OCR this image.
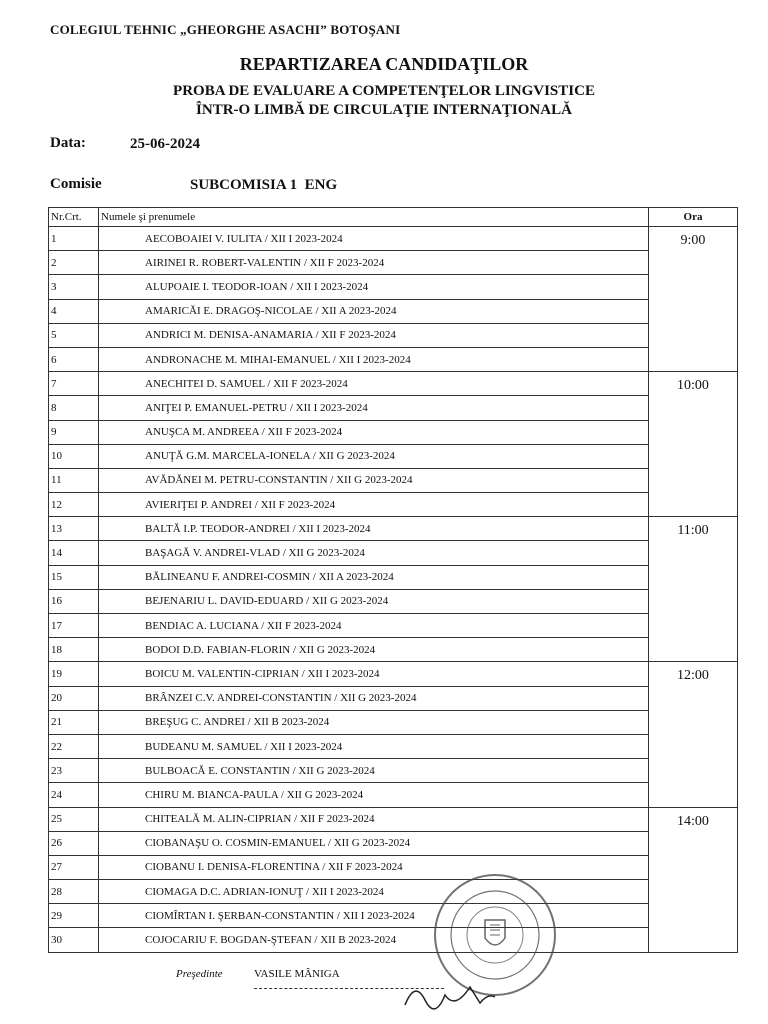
COLEGIUL TEHNIC „GHEORGHE ASACHI” BOTOŞANI
REPARTIZAREA CANDIDAŢILOR
PROBA DE EVALUARE A COMPETENŢELOR LINGVISTICE
ÎNTR-O LIMBĂ DE CIRCULAŢIE INTERNAŢIONALĂ
Data:	25-06-2024
Comisie	SUBCOMISIA 1  ENG
Nr.Crt.	Numele şi prenumele	Ora
1	AECOBOAIEI V. IULITA / XII I 2023-2024	9:00
2	AIRINEI R. ROBERT-VALENTIN / XII F 2023-2024	
3	ALUPOAIE I. TEODOR-IOAN / XII I 2023-2024	
4	AMARICĂI E. DRAGOŞ-NICOLAE / XII A 2023-2024	
5	ANDRICI M. DENISA-ANAMARIA / XII F 2023-2024	
6	ANDRONACHE M. MIHAI-EMANUEL / XII I 2023-2024	
7	ANECHITEI D. SAMUEL / XII F 2023-2024	10:00
8	ANIŢEI P. EMANUEL-PETRU / XII I 2023-2024	
9	ANUŞCA M. ANDREEA / XII F 2023-2024	
10	ANUŢĂ G.M. MARCELA-IONELA / XII G 2023-2024	
11	AVĂDĂNEI M. PETRU-CONSTANTIN / XII G 2023-2024	
12	AVIERIŢEI P. ANDREI / XII F 2023-2024	
13	BALTĂ I.P. TEODOR-ANDREI / XII I 2023-2024	11:00
14	BAŞAGĂ V. ANDREI-VLAD / XII G 2023-2024	
15	BĂLINEANU F. ANDREI-COSMIN / XII A 2023-2024	
16	BEJENARIU L. DAVID-EDUARD / XII G 2023-2024	
17	BENDIAC A. LUCIANA / XII F 2023-2024	
18	BODOI D.D. FABIAN-FLORIN / XII G 2023-2024	
19	BOICU M. VALENTIN-CIPRIAN / XII I 2023-2024	12:00
20	BRÂNZEI C.V. ANDREI-CONSTANTIN / XII G 2023-2024	
21	BREŞUG C. ANDREI / XII B 2023-2024	
22	BUDEANU M. SAMUEL / XII I 2023-2024	
23	BULBOACĂ E. CONSTANTIN / XII G 2023-2024	
24	CHIRU M. BIANCA-PAULA / XII G 2023-2024	
25	CHITEALĂ M. ALIN-CIPRIAN / XII F 2023-2024	14:00
26	CIOBANAŞU O. COSMIN-EMANUEL / XII G 2023-2024	
27	CIOBANU I. DENISA-FLORENTINA / XII F 2023-2024	
28	CIOMAGA D.C. ADRIAN-IONUŢ / XII I 2023-2024	
29	CIOMÎRTAN I. ŞERBAN-CONSTANTIN / XII I 2023-2024	
30	COJOCARIU F. BOGDAN-ŞTEFAN / XII B 2023-2024	
Preşedinte	VASILE MÂNIGA
